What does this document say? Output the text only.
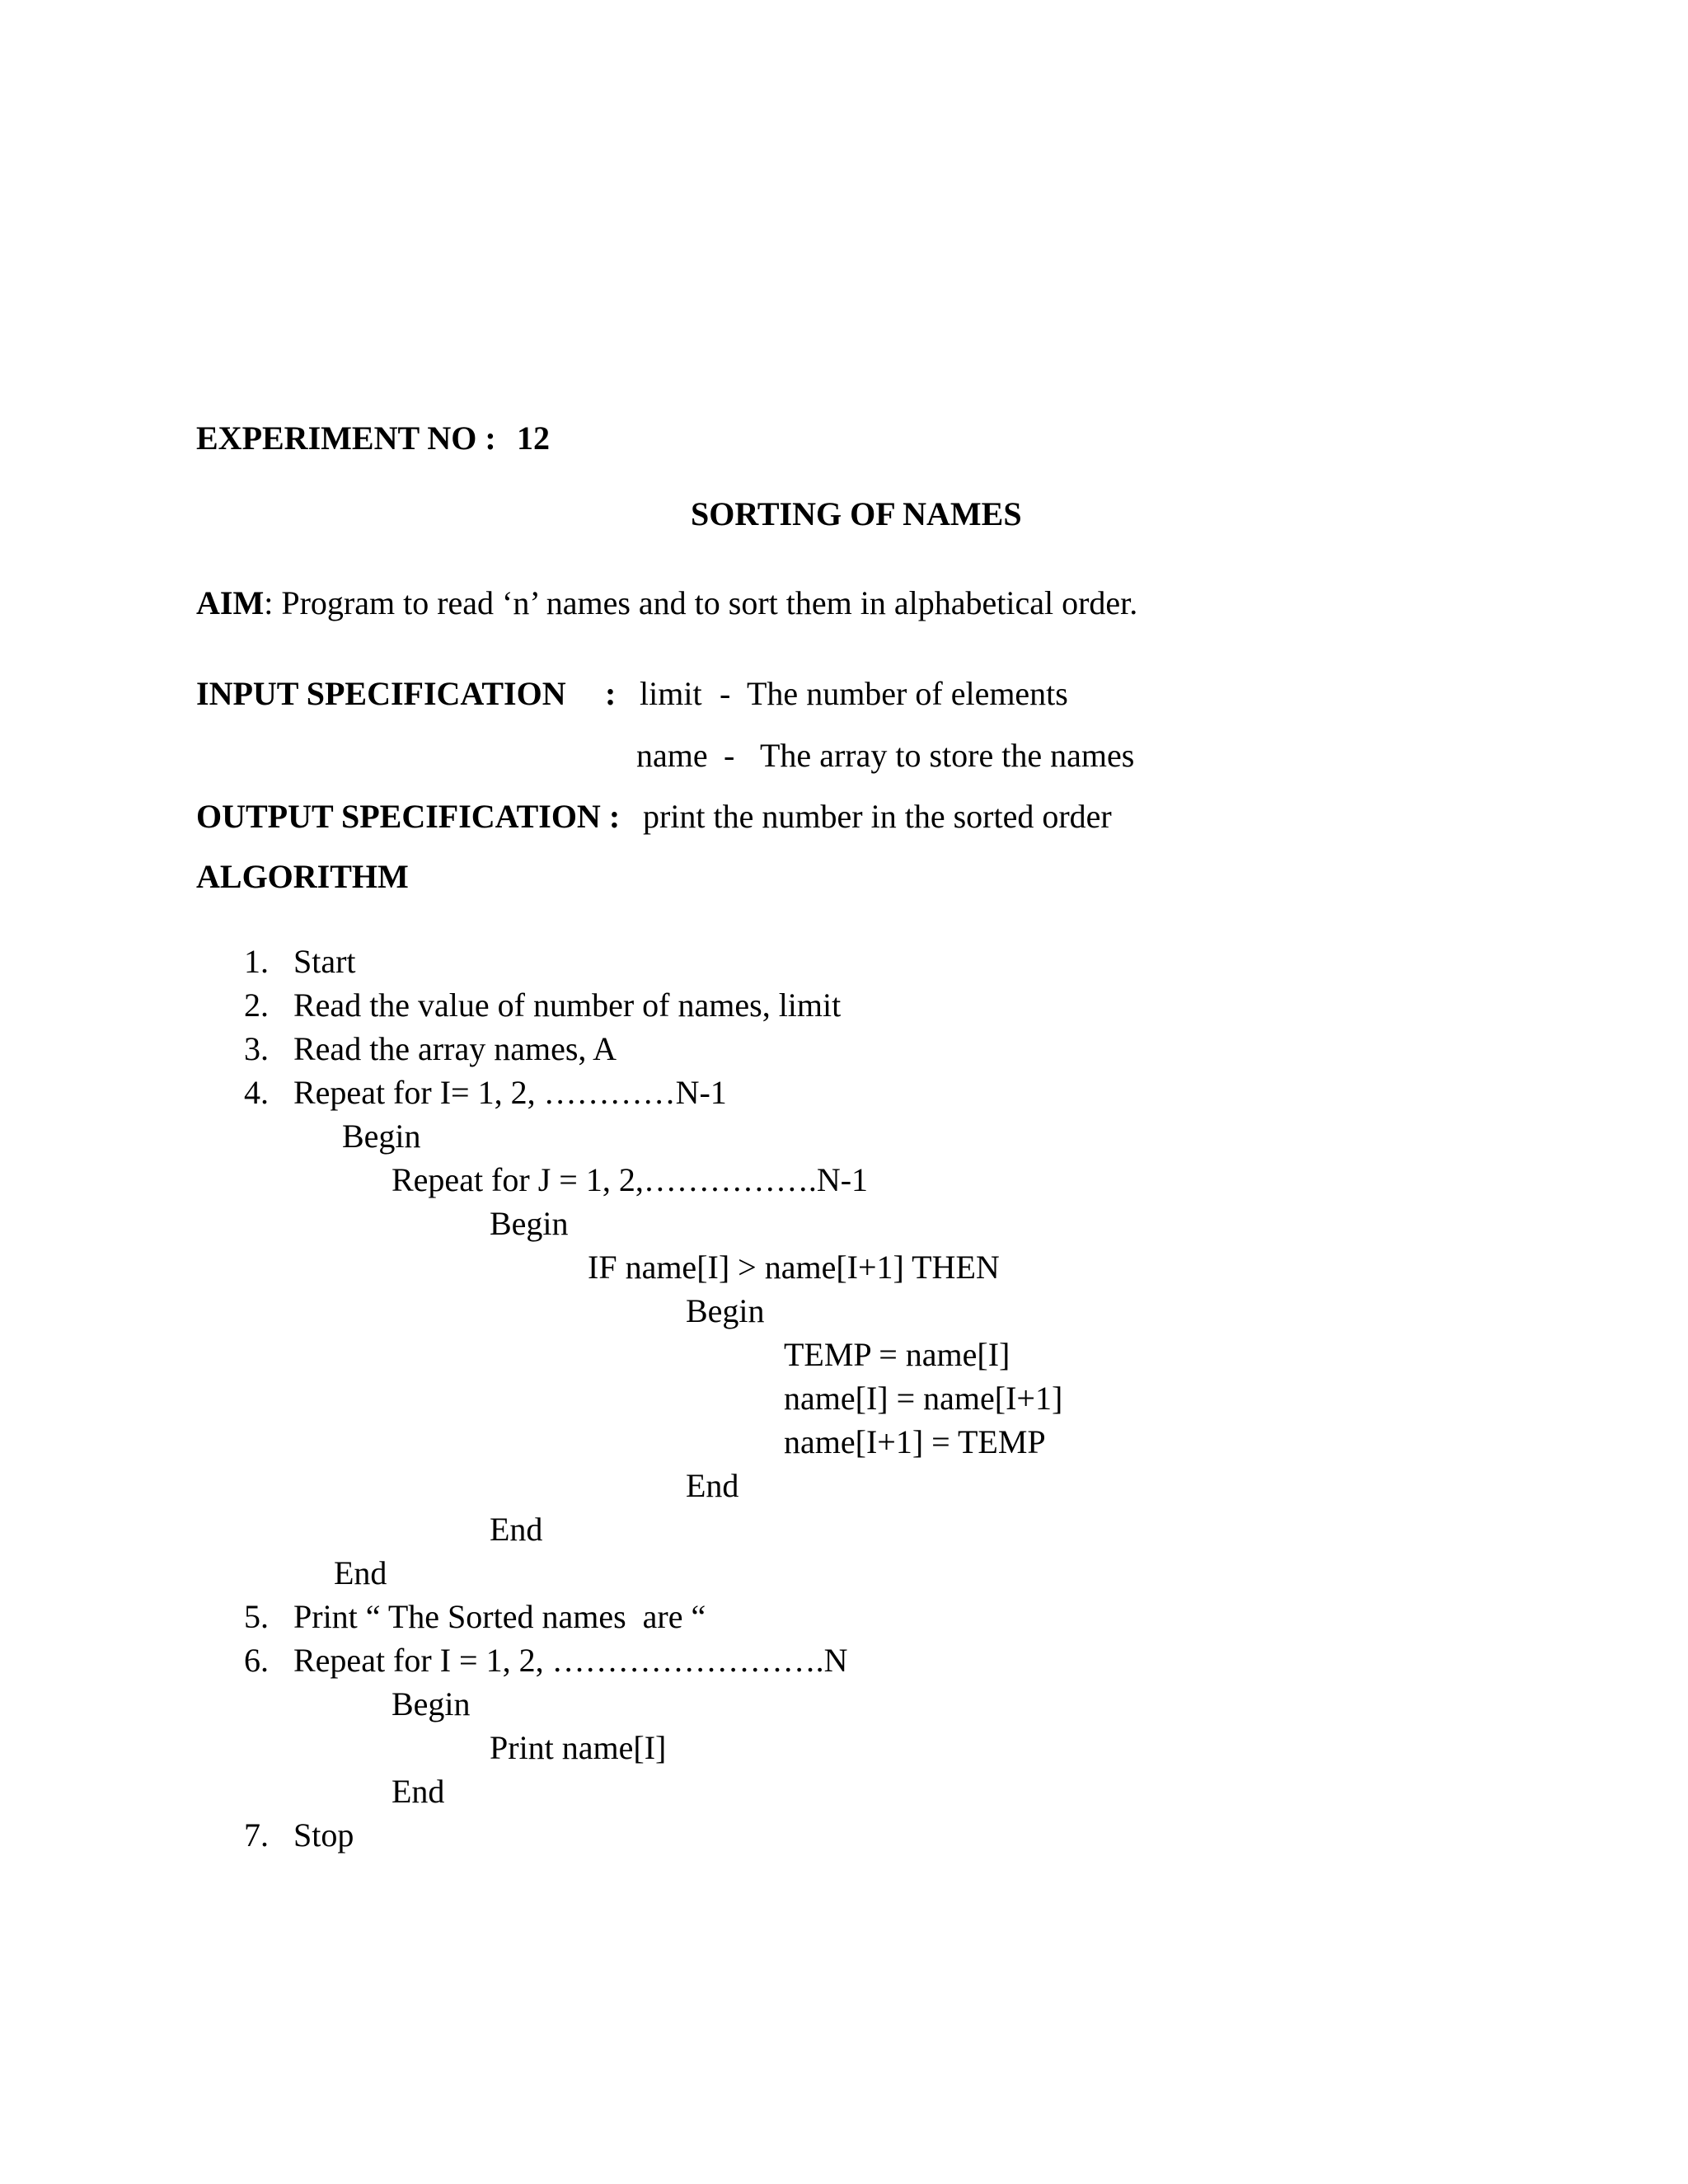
EXPERIMENT NO : 12
SORTING OF NAMES
AIM: Program to read ‘n’ names and to sort them in alphabetical order.
INPUT SPECIFICATION : limit - The number of elements
name - The array to store the names
OUTPUT SPECIFICATION : print the number in the sorted order
ALGORITHM
1. Start
2. Read the value of number of names, limit
3. Read the array names, A
4. Repeat for I= 1, 2, …………N-1
Begin
Repeat for J = 1, 2,…………….N-1
Begin
IF name[I] > name[I+1] THEN
Begin
TEMP = name[I]
name[I] = name[I+1]
name[I+1] = TEMP
End
End
End
5. Print “ The Sorted names  are “
6. Repeat for I = 1, 2, …………………….N
Begin
Print name[I]
End
7. Stop
